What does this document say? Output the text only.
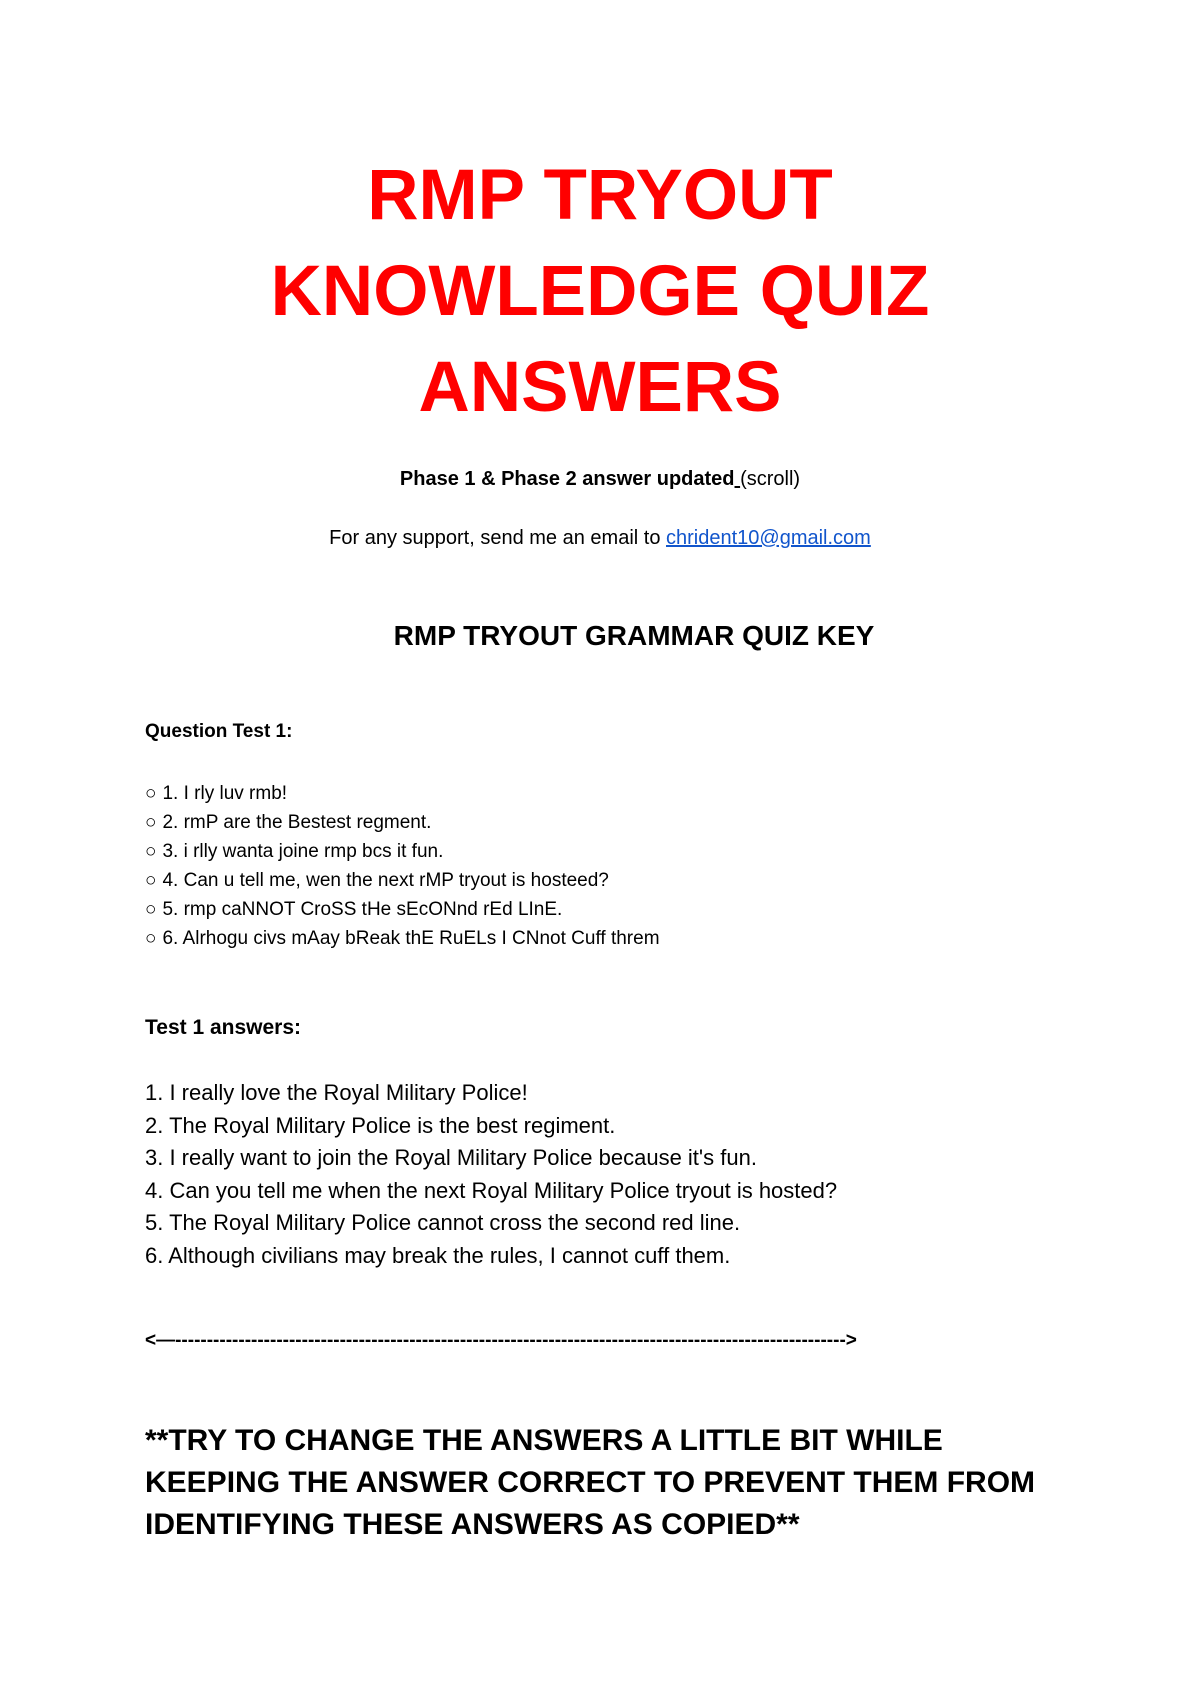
RMP TRYOUT
KNOWLEDGE QUIZ
ANSWERS
Phase 1 & Phase 2 answer updated (scroll)
For any support, send me an email to chrident10@gmail.com
RMP TRYOUT GRAMMAR QUIZ KEY
Question Test 1:
○ 1. I rly luv rmb!
○ 2. rmP are the Bestest regment.
○ 3. i rlly wanta joine rmp bcs it fun.
○ 4. Can u tell me, wen the next rMP tryout is hosteed?
○ 5. rmp caNNOT CroSS tHe sEcONnd rEd LInE.
○ 6. Alrhogu civs mAay bReak thE RuELs I CNnot Cuff threm
Test 1 answers:
1. I really love the Royal Military Police!
2. The Royal Military Police is the best regiment.
3. I really want to join the Royal Military Police because it's fun.
4. Can you tell me when the next Royal Military Police tryout is hosted?
5. The Royal Military Police cannot cross the second red line.
6. Although civilians may break the rules, I cannot cuff them.
<—---------------------------------------------------------------------------------------------------------->
**TRY TO CHANGE THE ANSWERS A LITTLE BIT WHILE KEEPING THE ANSWER CORRECT TO PREVENT THEM FROM IDENTIFYING THESE ANSWERS AS COPIED**
